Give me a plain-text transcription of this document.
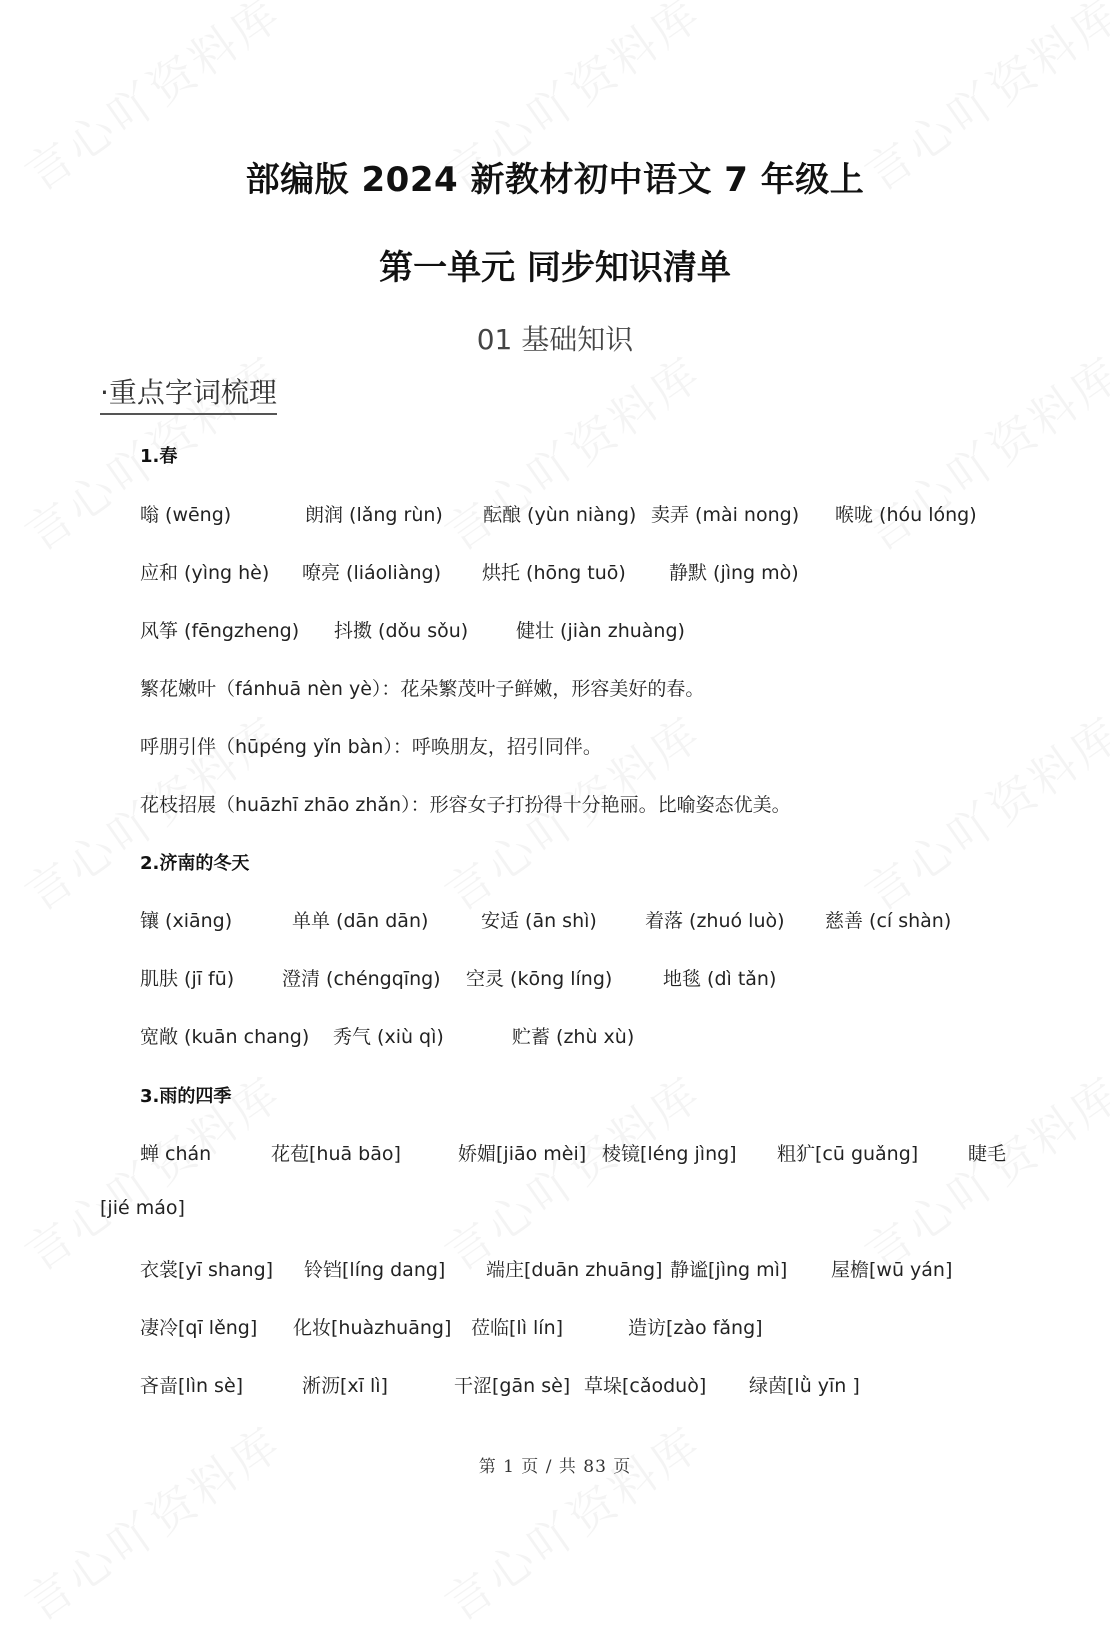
部编版 2024 新教材初中语文 7 年级上
第一单元 同步知识清单
01 基础知识
·重点字词梳理
1.春
嗡 (wēng)	朗润 (lǎng rùn) 酝酿 (yùn niàng) 卖弄 (mài nong) 喉咙 (hóu lóng)
应和 (yìng hè) 嘹亮 (liáoliàng) 烘托 (hōng tuō) 静默 (jìng mò)
风筝 (fēngzheng) 抖擞 (dǒu sǒu)	健壮 (jiàn zhuàng)
繁花嫩叶（fánhuā nèn yè）：花朵繁茂叶子鲜嫩，形容美好的春。
呼朋引伴（hūpéng yǐn bàn）：呼唤朋友，招引同伴。
花枝招展（huāzhī zhāo zhǎn）：形容女子打扮得十分艳丽。比喻姿态优美。
2.济南的冬天
镶 (xiāng)	单单 (dān dān)	安适 (ān shì)	着落 (zhuó luò) 慈善 (cí shàn)
肌肤 (jī fū)	澄清 (chéngqīng) 空灵 (kōng líng)	地毯 (dì tǎn)
宽敞 (kuān chang) 秀气 (xiù qì)	贮蓄 (zhù xù)
3.雨的四季
蝉 chán	花苞[huā bāo]	娇媚[jiāo mèi] 棱镜[léng jìng] 粗犷[cū guǎng]	睫毛
[jié máo]
衣裳[yī shang] 铃铛[líng dang] 端庄[duān zhuāng] 静谧[jìng mì] 屋檐[wū yán]
凄冷[qī lěng] 化妆[huàzhuāng] 莅临[lì lín]	造访[zào fǎng]
吝啬[lìn sè]	淅沥[xī lì]	干涩[gān sè] 草垛[cǎoduò] 绿茵[lǜ yīn ]
第 1 页 / 共 83 页
